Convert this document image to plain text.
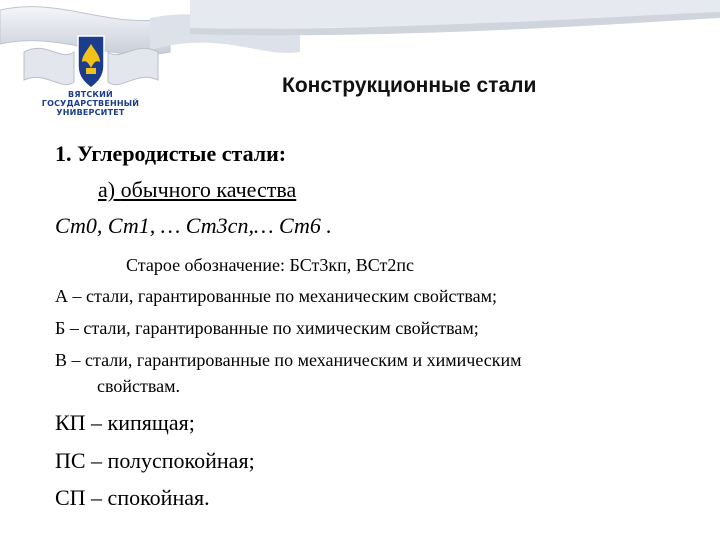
ВЯТСКИЙ
ГОСУДАРСТВЕННЫЙ
УНИВЕРСИТЕТ
Конструкционные стали
1. Углеродистые стали:
а) обычного качества
Ст0, Ст1, … Ст3сп,… Ст6 .
Старое обозначение: БСт3кп, ВСт2пс
А – стали, гарантированные по механическим свойствам;
Б – стали, гарантированные по химическим свойствам;
В – стали, гарантированные по механическим и химическим
свойствам.
КП – кипящая;
ПС – полуспокойная;
СП – спокойная.
